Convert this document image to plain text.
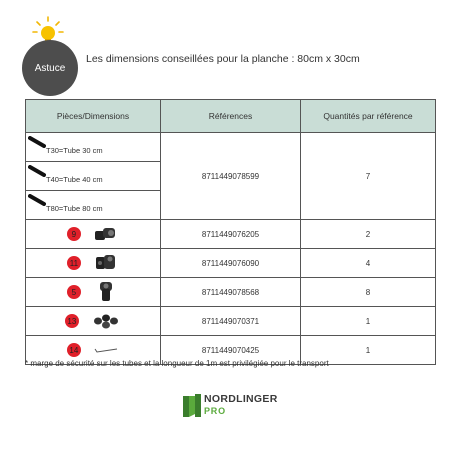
Astuce
Les dimensions conseillées pour la planche : 80cm x 30cm
Pièces/Dimensions	Références	Quantités par référence

T30=Tube 30 cm
T40=Tube 40 cm
T80=Tube 80 cm	8711449078599	7
9	8711449076205	2
11	8711449076090	4
5	8711449078568	8
13	8711449070371	1
14	8711449070425	1
* marge de sécurité sur les tubes et la longueur de 1m est privilégiée pour le transport
NORDLINGER
PRO
